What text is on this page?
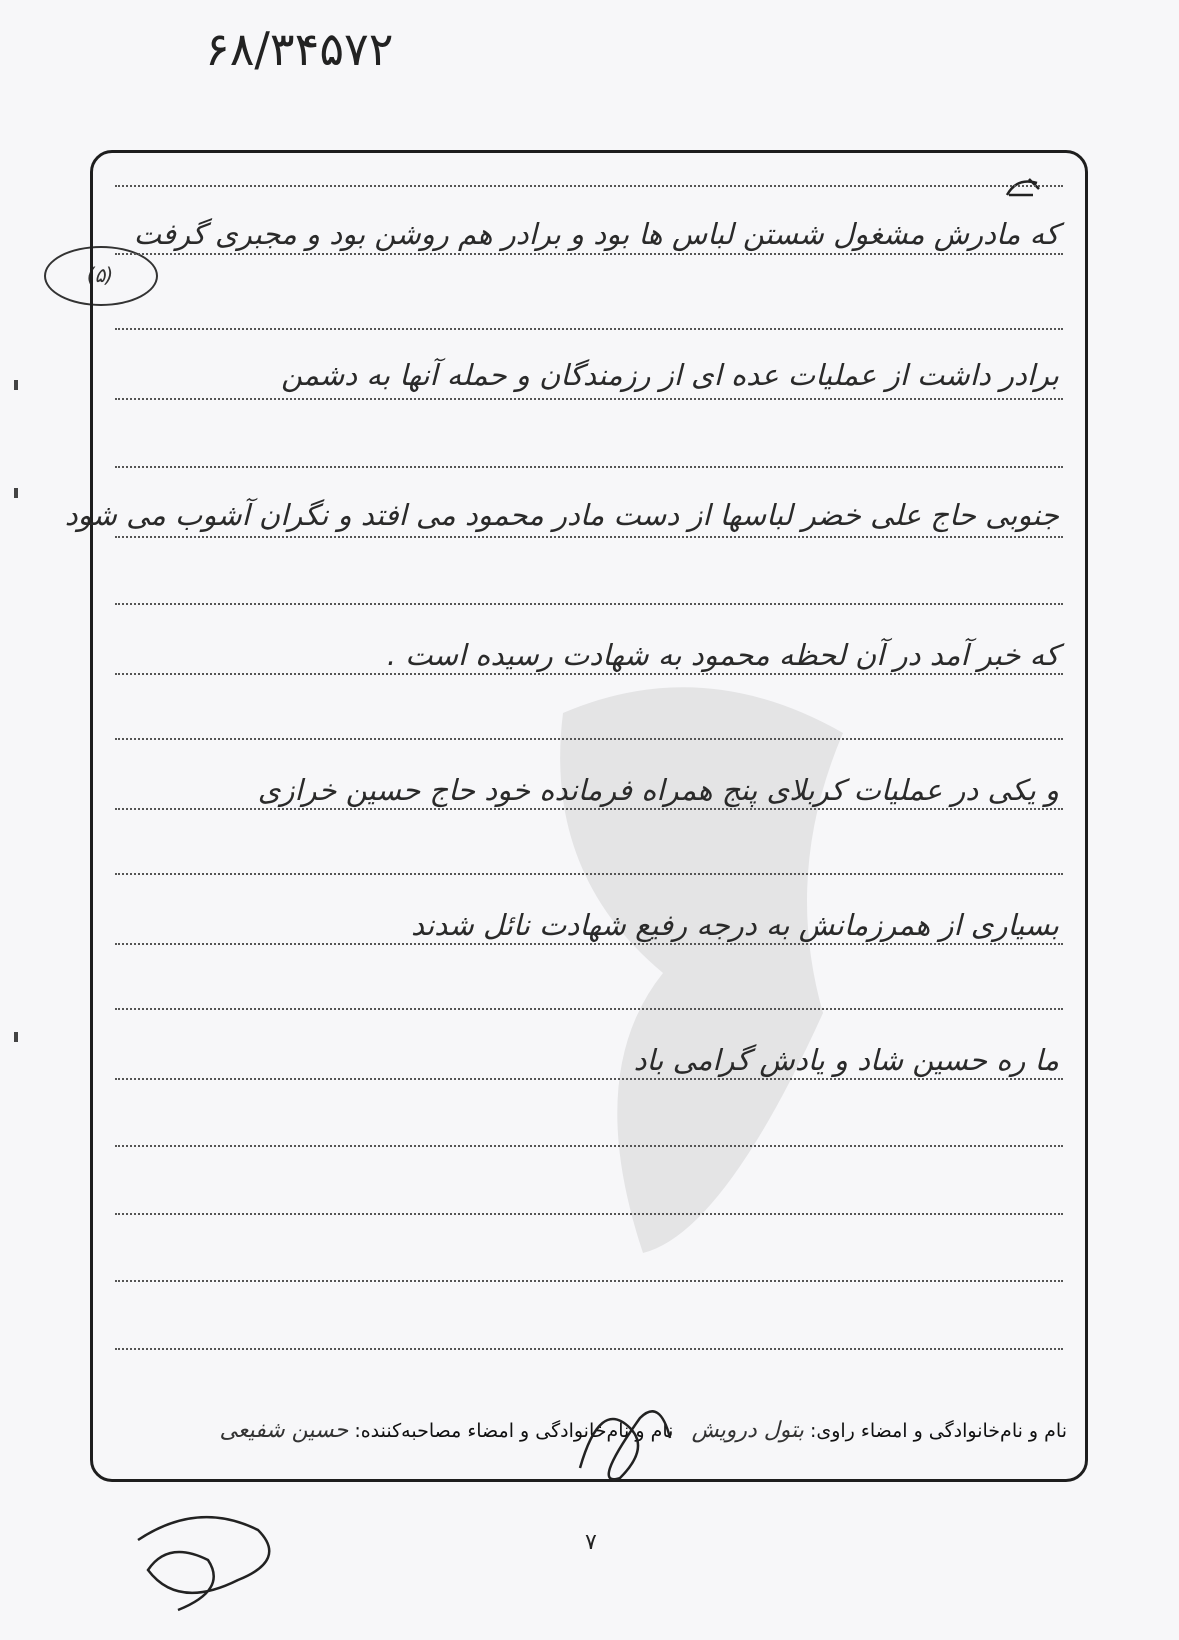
۶۸/۳۴۵۷۲
(۵)
که مادرش مشغول شستن لباس ها بود و برادر هم روشن بود و مجبری گرفت
برادر داشت از عملیات عده ای از رزمندگان و حمله آنها به دشمن
جنوبی حاج علی خضر لباسها از دست مادر محمود می افتد و نگران آشوب می شود
که خبر آمد در آن لحظه محمود به شهادت رسیده است .
و یکی در عملیات کربلای پنج همراه فرمانده خود حاج حسین خرازی
بسیاری از همرزمانش به درجه رفیع شهادت نائل شدند
ما ره حسین شاد و یادش گرامی باد
نام و نام‌خانوادگی و امضاء راوی: بتول درویش   نام و نام‌خانوادگی و امضاء مصاحبه‌کننده: حسین شفیعی
۷
